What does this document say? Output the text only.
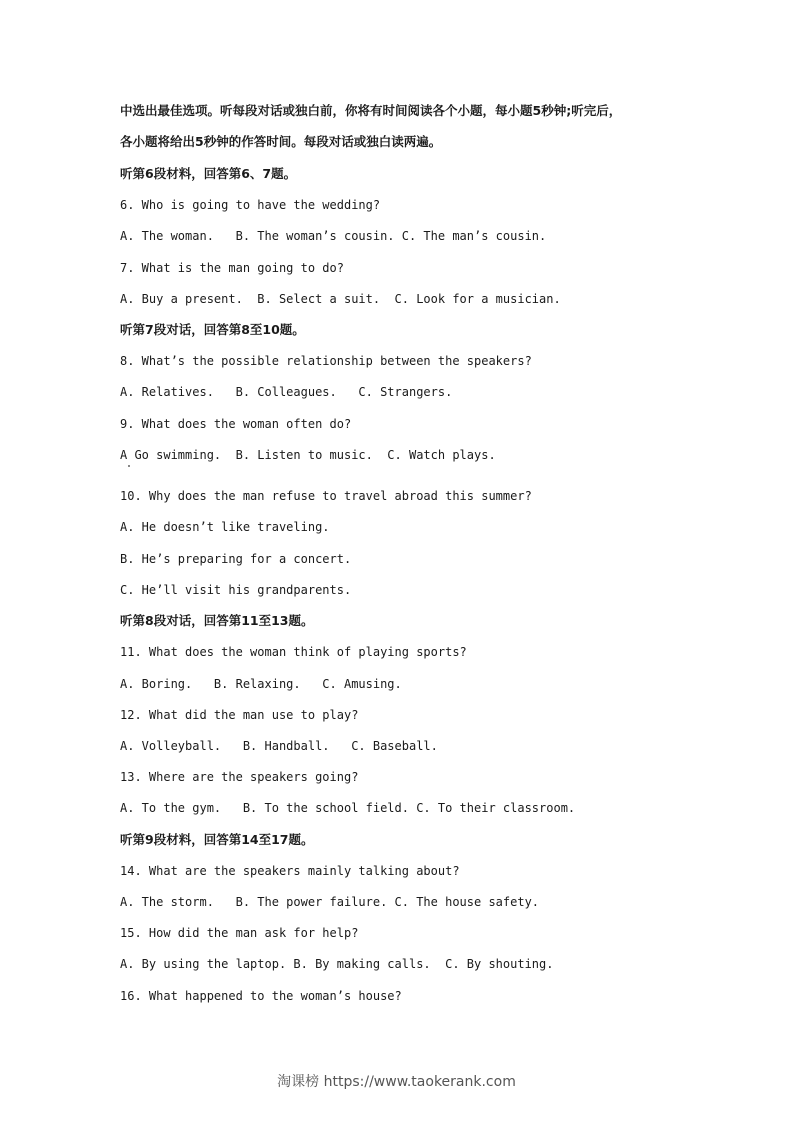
中选出最佳选项。听每段对话或独白前，你将有时间阅读各个小题，每小题5秒钟;听完后，
各小题将给出5秒钟的作答时间。每段对话或独白读两遍。
听第6段材料，回答第6、7题。
6. Who is going to have the wedding?
A. The woman.   B. The woman’s cousin. C. The man’s cousin.
7. What is the man going to do?
A. Buy a present.  B. Select a suit.  C. Look for a musician.
听第7段对话，回答第8至10题。
8. What’s the possible relationship between the speakers?
A. Relatives.   B. Colleagues.   C. Strangers.
9. What does the woman often do?
A Go swimming.  B. Listen to music.  C. Watch plays.
10. Why does the man refuse to travel abroad this summer?
A. He doesn’t like traveling.
B. He’s preparing for a concert.
C. He’ll visit his grandparents.
听第8段对话，回答第11至13题。
11. What does the woman think of playing sports?
A. Boring.   B. Relaxing.   C. Amusing.
12. What did the man use to play?
A. Volleyball.   B. Handball.   C. Baseball.
13. Where are the speakers going?
A. To the gym.   B. To the school field. C. To their classroom.
听第9段材料，回答第14至17题。
14. What are the speakers mainly talking about?
A. The storm.   B. The power failure. C. The house safety.
15. How did the man ask for help?
A. By using the laptop. B. By making calls.  C. By shouting.
16. What happened to the woman’s house?
淘课榜 https://www.taokerank.com
